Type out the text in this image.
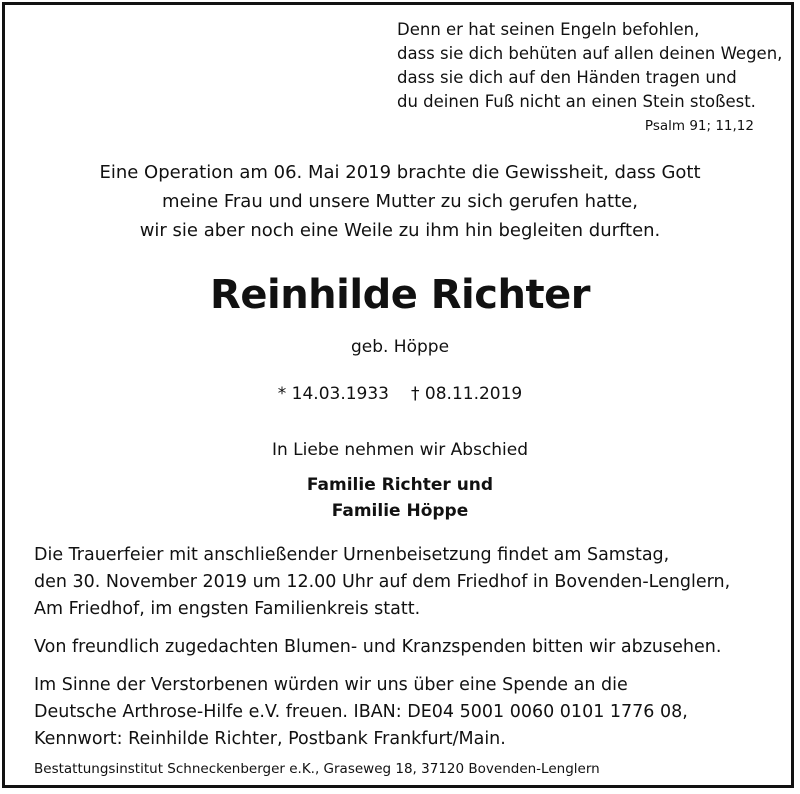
Denn er hat seinen Engeln befohlen,
dass sie dich behüten auf allen deinen Wegen,
dass sie dich auf den Händen tragen und
du deinen Fuß nicht an einen Stein stoßest.
Psalm 91; 11,12
Eine Operation am 06. Mai 2019 brachte die Gewissheit, dass Gott
meine Frau und unsere Mutter zu sich gerufen hatte,
wir sie aber noch eine Weile zu ihm hin begleiten durften.
Reinhilde Richter
geb. Höppe
* 14.03.1933 † 08.11.2019
In Liebe nehmen wir Abschied
Familie Richter und
Familie Höppe
Die Trauerfeier mit anschließender Urnenbeisetzung findet am Samstag,
den 30. November 2019 um 12.00 Uhr auf dem Friedhof in Bovenden-Lenglern,
Am Friedhof, im engsten Familienkreis statt.
Von freundlich zugedachten Blumen- und Kranzspenden bitten wir abzusehen.
Im Sinne der Verstorbenen würden wir uns über eine Spende an die
Deutsche Arthrose-Hilfe e.V. freuen. IBAN: DE04 5001 0060 0101 1776 08,
Kennwort: Reinhilde Richter, Postbank Frankfurt/Main.
Bestattungsinstitut Schneckenberger e.K., Graseweg 18, 37120 Bovenden-Lenglern
